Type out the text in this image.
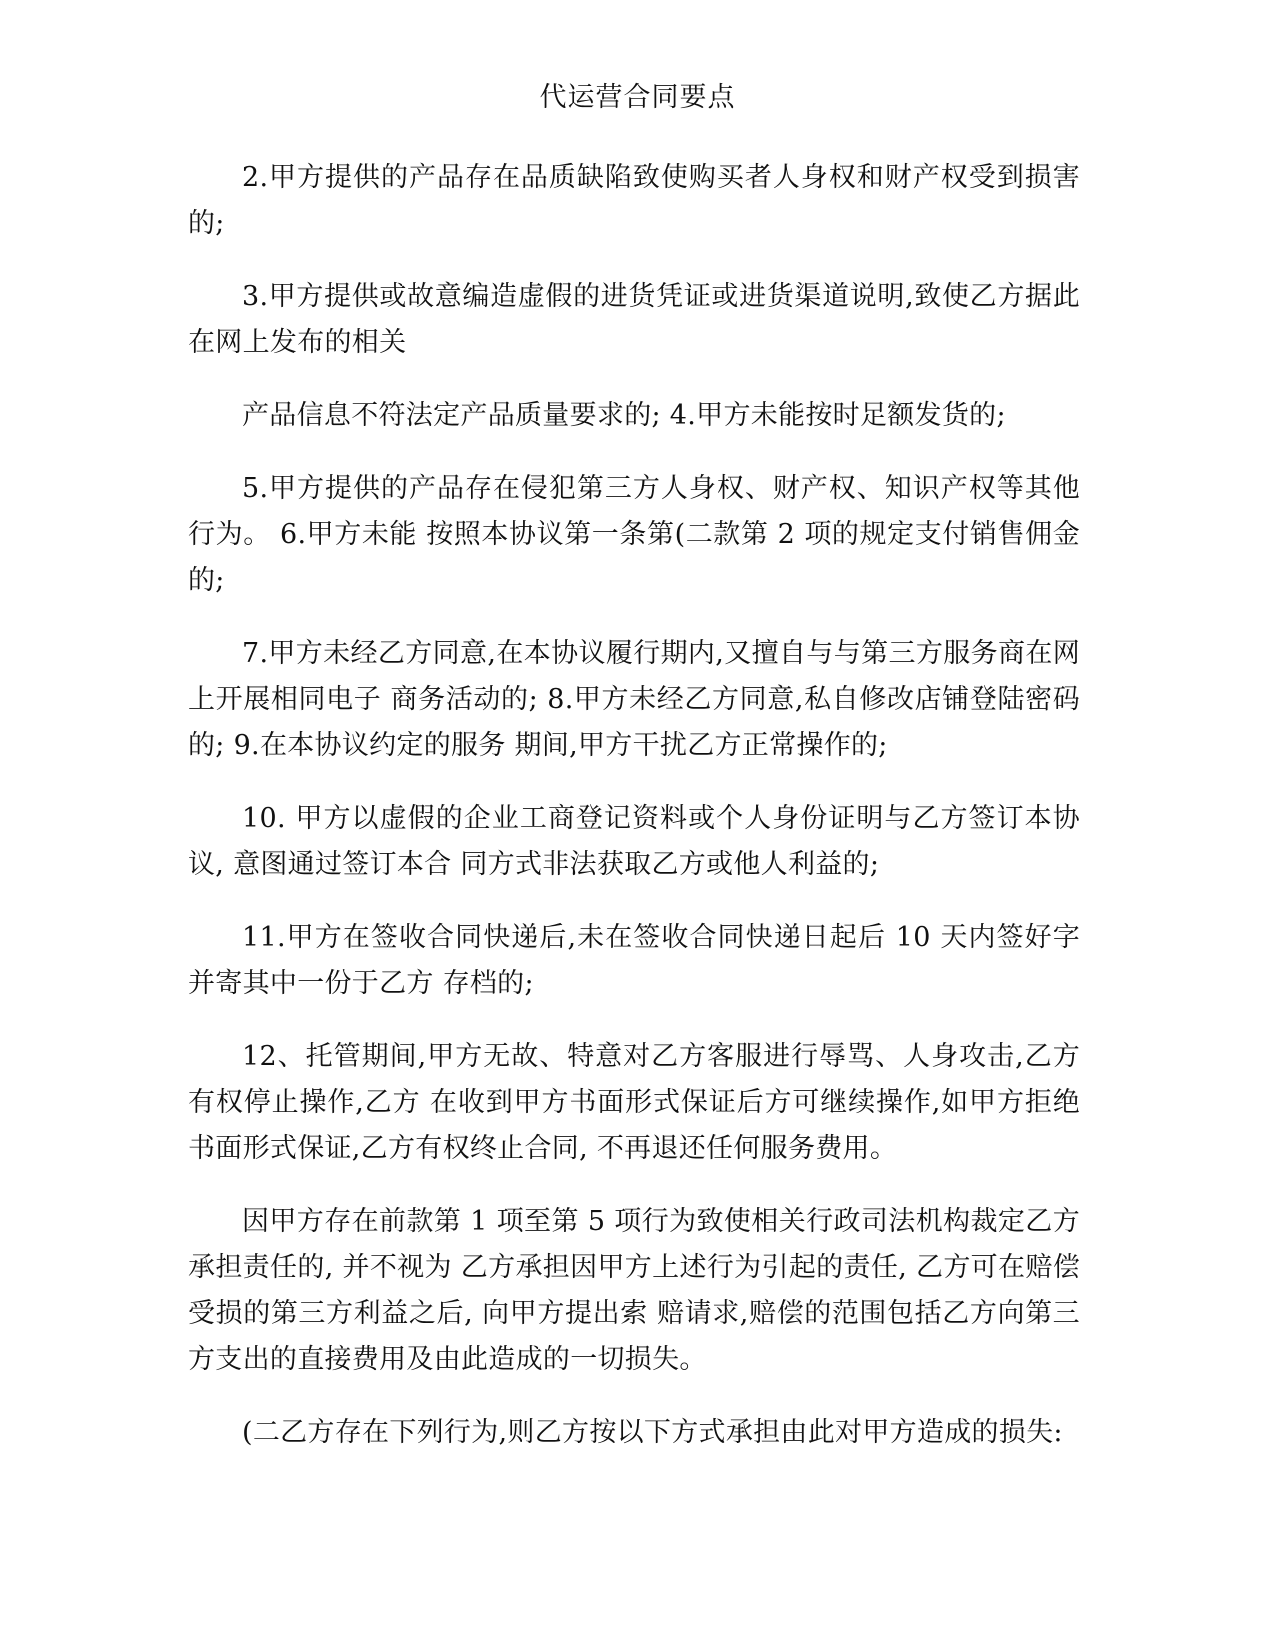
代运营合同要点

2.甲方提供的产品存在品质缺陷致使购买者人身权和财产权受到损害的;

3.甲方提供或故意编造虚假的进货凭证或进货渠道说明,致使乙方据此在网上发布的相关

产品信息不符法定产品质量要求的; 4.甲方未能按时足额发货的;

5.甲方提供的产品存在侵犯第三方人身权、财产权、知识产权等其他行为。 6.甲方未能 按照本协议第一条第(二款第 2 项的规定支付销售佣金的;

7.甲方未经乙方同意,在本协议履行期内,又擅自与与第三方服务商在网上开展相同电子 商务活动的; 8.甲方未经乙方同意,私自修改店铺登陆密码的; 9.在本协议约定的服务 期间,甲方干扰乙方正常操作的;

10. 甲方以虚假的企业工商登记资料或个人身份证明与乙方签订本协议, 意图通过签订本合 同方式非法获取乙方或他人利益的;

11.甲方在签收合同快递后,未在签收合同快递日起后 10 天内签好字并寄其中一份于乙方 存档的;

12、托管期间,甲方无故、特意对乙方客服进行辱骂、人身攻击,乙方有权停止操作,乙方 在收到甲方书面形式保证后方可继续操作,如甲方拒绝书面形式保证,乙方有权终止合同, 不再退还任何服务费用。

因甲方存在前款第 1 项至第 5 项行为致使相关行政司法机构裁定乙方承担责任的, 并不视为 乙方承担因甲方上述行为引起的责任, 乙方可在赔偿受损的第三方利益之后, 向甲方提出索 赔请求,赔偿的范围包括乙方向第三方支出的直接费用及由此造成的一切损失。

(二乙方存在下列行为,则乙方按以下方式承担由此对甲方造成的损失:
